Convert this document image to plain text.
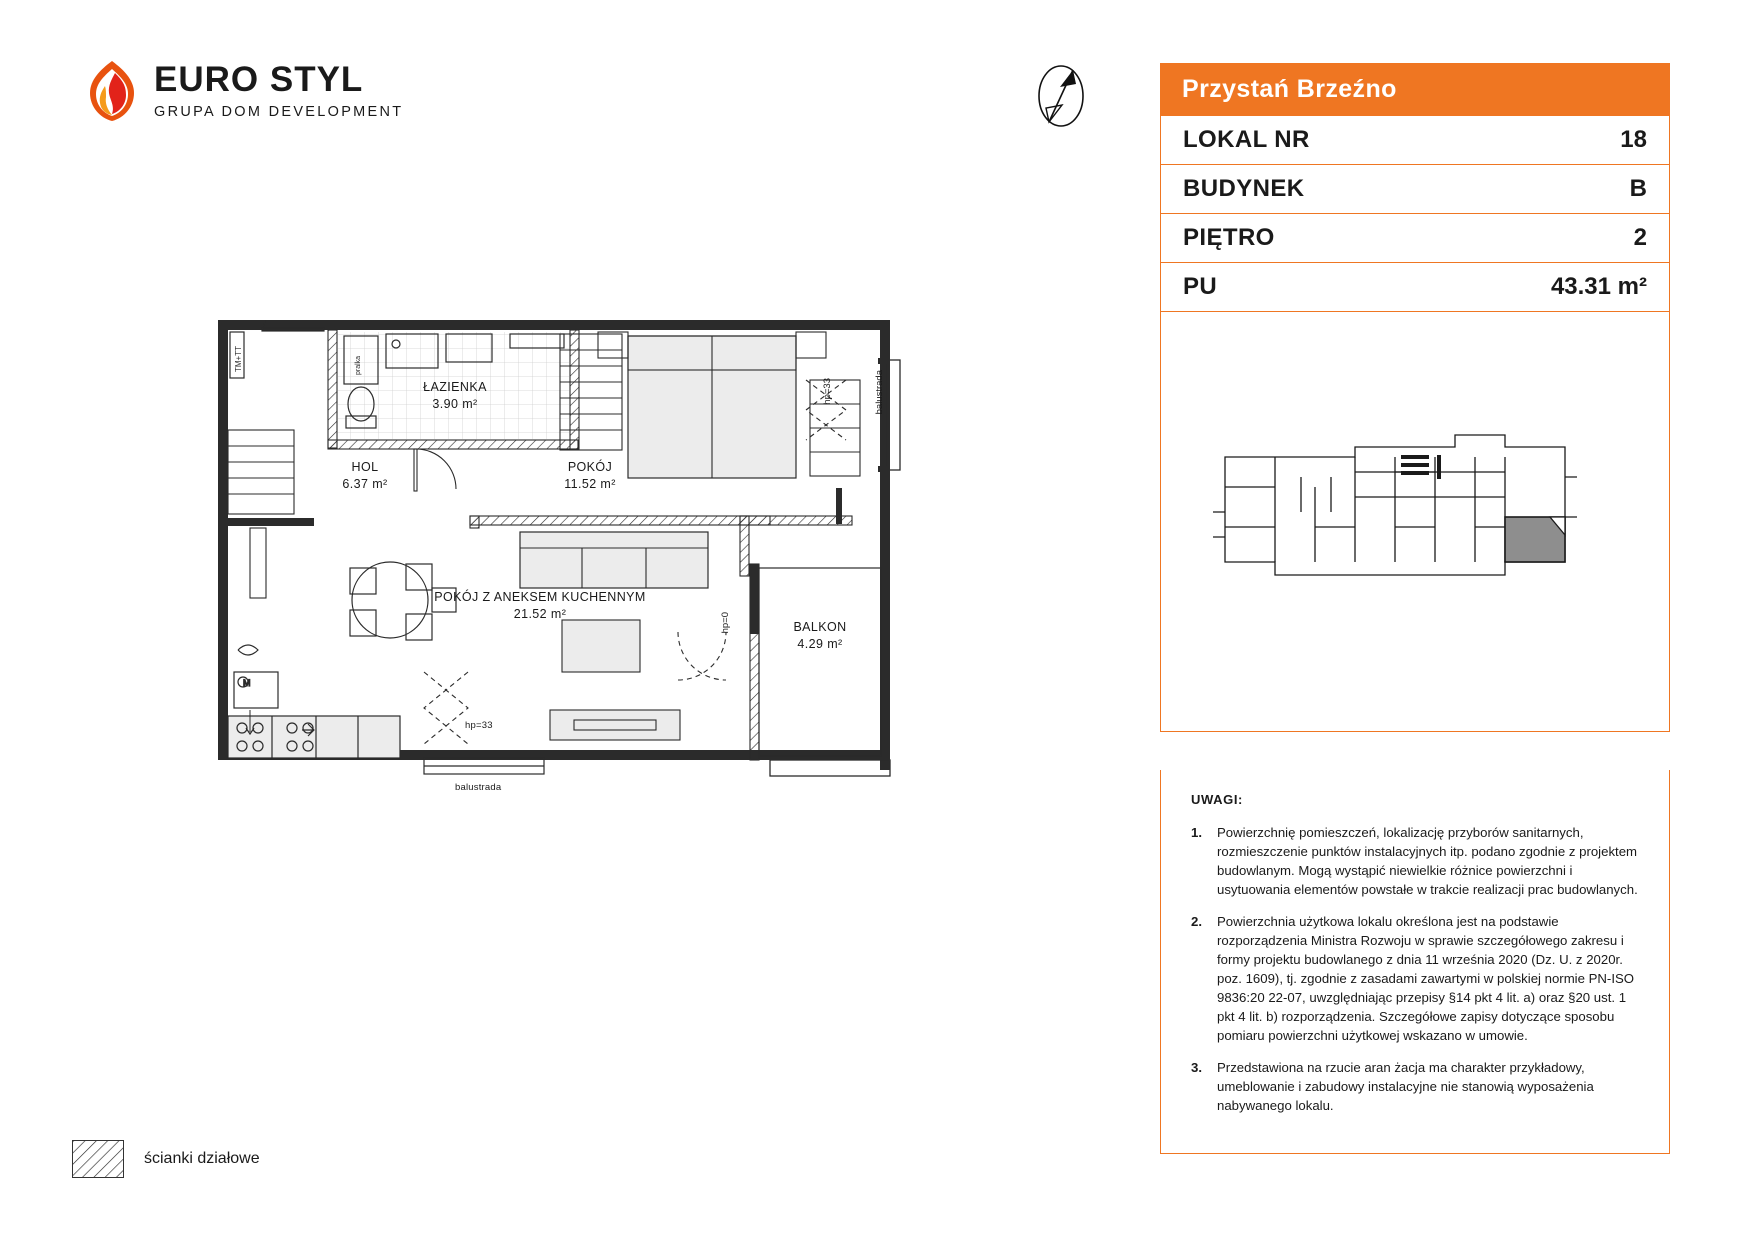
EURO STYL
GRUPA DOM DEVELOPMENT
Przystań Brzeźno
LOKAL NR	18
BUDYNEK	B
PIĘTRO	2
PU	43.31 m²
UWAGI:
1.	Powierzchnię pomieszczeń, lokalizację przyborów sanitarnych, rozmieszczenie punktów instalacyjnych itp. podano zgodnie z projektem budowlanym. Mogą wystąpić niewielkie różnice powierzchni i usytuowania elementów powstałe w trakcie realizacji prac budowlanych.
2.	Powierzchnia użytkowa lokalu określona jest na podstawie rozporządzenia Ministra Rozwoju w sprawie szczegółowego zakresu i formy projektu budowlanego z dnia 11 września 2020 (Dz. U. z 2020r. poz. 1609), tj. zgodnie z zasadami zawartymi w polskiej normie PN-ISO 9836:20 22-07, uwzględniając przepisy §14 pkt 4 lit. a) oraz §20 ust. 1 pkt 4 lit. b) rozporządzenia. Szczegółowe zapisy dotyczące sposobu pomiaru powierzchni użytkowej wskazano w umowie.
3.	Przedstawiona na rzucie aran żacja ma charakter przykładowy, umeblowanie i zabudowy instalacyjne nie stanowią wyposażenia nabywanego lokalu.
pralka
TM+TT
M
ŁAZIENKA
3.90 m²
HOL
6.37 m²
POKÓJ
11.52 m²
POKÓJ Z ANEKSEM KUCHENNYM
21.52 m²
BALKON
4.29 m²
hp=33	balustrada
hp=0
hp=33
balustrada
ścianki działowe
